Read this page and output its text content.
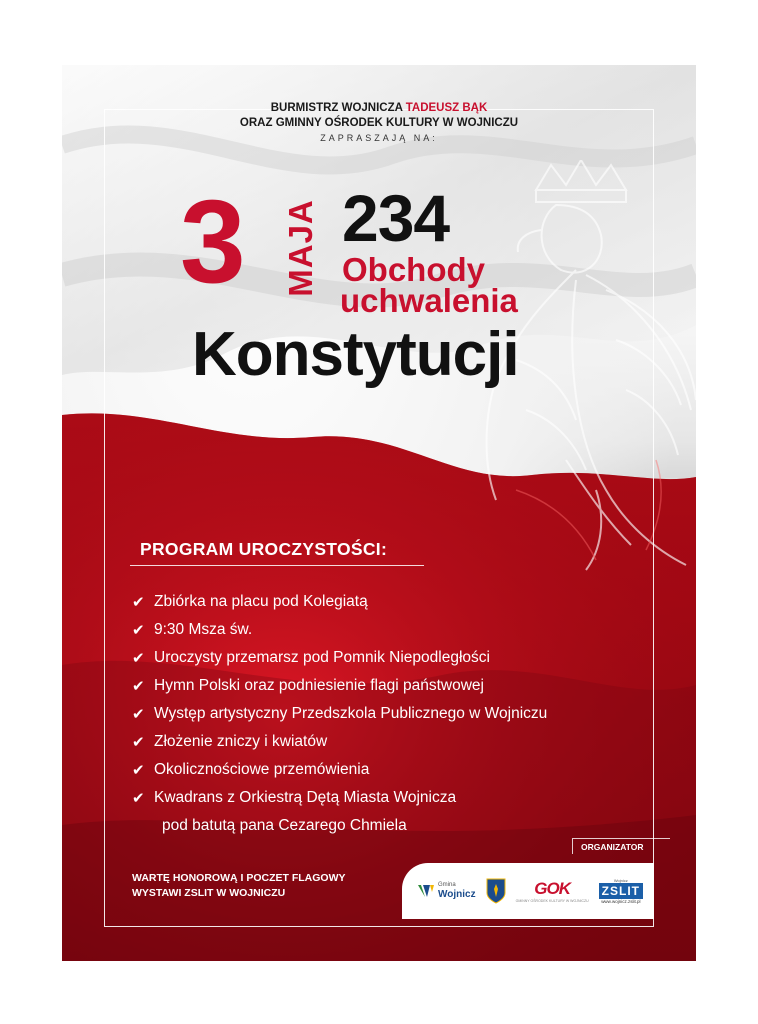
BURMISTRZ WOJNICZA TADEUSZ BĄK
ORAZ GMINNY OŚRODEK KULTURY W WOJNICZU
ZAPRASZAJĄ NA:
3 MAJA 234
Obchody
uchwalenia
Konstytucji
PROGRAM UROCZYSTOŚCI:
✔ Zbiórka na placu pod Kolegiatą
✔ 9:30 Msza św.
✔ Uroczysty przemarsz pod Pomnik Niepodległości
✔ Hymn Polski oraz podniesienie flagi państwowej
✔ Występ artystyczny Przedszkola Publicznego w Wojniczu
✔ Złożenie zniczy i kwiatów
✔ Okolicznościowe przemówienia
✔ Kwadrans z Orkiestrą Dętą Miasta Wojnicza
pod batutą pana Cezarego Chmiela
WARTĘ HONOROWĄ I POCZET FLAGOWY
WYSTAWI ZSLIT W WOJNICZU
ORGANIZATOR
Gmina
Wojnicz	GOK
GMINNY OŚRODEK KULTURY W WOJNICZU
Wojnicz
ZSLIT
www.wojnicz.zslit.pl
